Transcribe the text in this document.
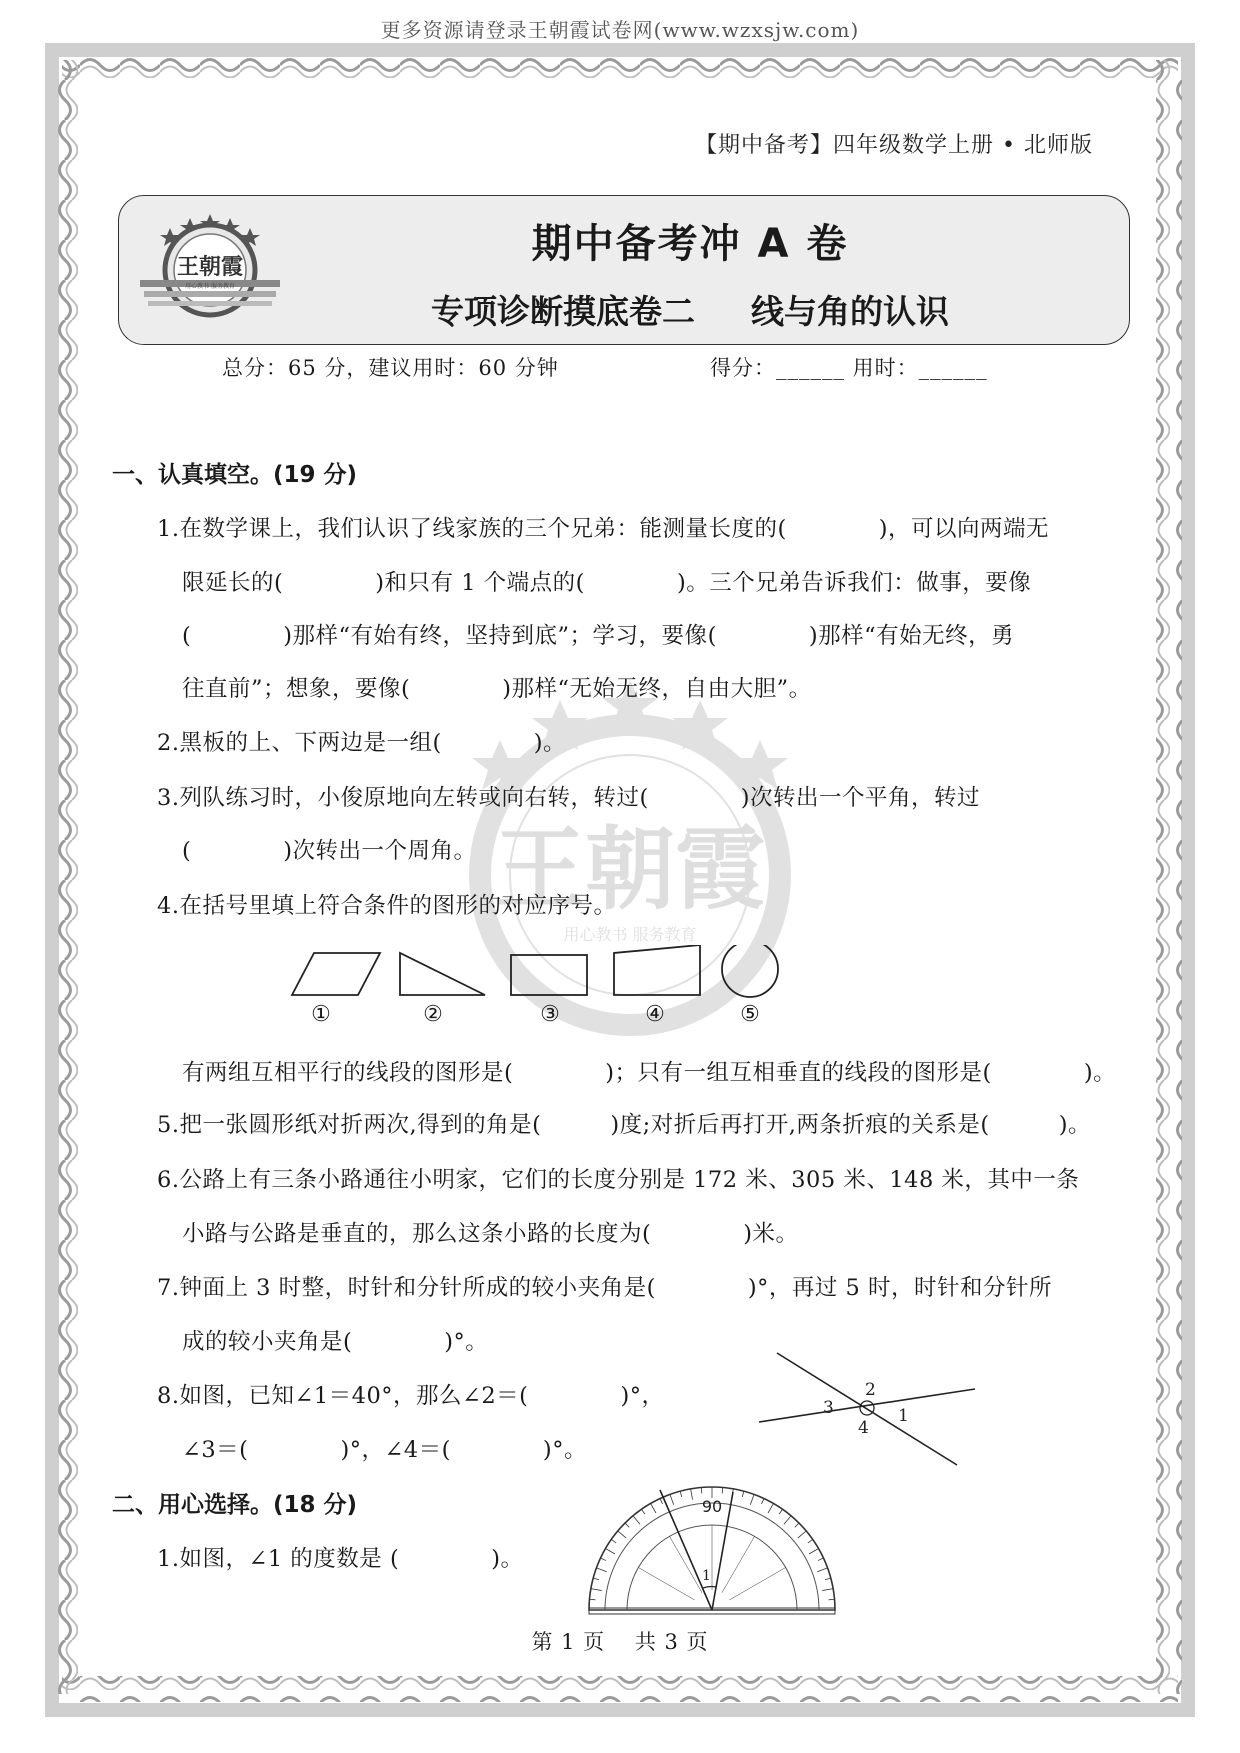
更多资源请登录王朝霞试卷网(www.wzxsjw.com)
【期中备考】四年级数学上册 • 北师版
王朝霞
用心教书 服务教育
期中备考冲 A 卷
专项诊断摸底卷二 线与角的认识
总分：65 分，建议用时：60 分钟	得分：______ 用时：______
王朝霞
用心教书 服务教育
一、认真填空。(19 分)
1.在数学课上，我们认识了线家族的三个兄弟：能测量长度的(　　　　)，可以向两端无
限延长的(　　　　)和只有 1 个端点的(　　　　)。三个兄弟告诉我们：做事，要像
(　　　　)那样“有始有终，坚持到底”；学习，要像(　　　　)那样“有始无终，勇
往直前”；想象，要像(　　　　)那样“无始无终，自由大胆”。
2.黑板的上、下两边是一组(　　　　)。
3.列队练习时，小俊原地向左转或向右转，转过(　　　　)次转出一个平角，转过
(　　　　)次转出一个周角。
4.在括号里填上符合条件的图形的对应序号。
①	②	③	④	⑤
有两组互相平行的线段的图形是(　　　　)；只有一组互相垂直的线段的图形是(　　　　)。
5.把一张圆形纸对折两次,得到的角是(　　　)度;对折后再打开,两条折痕的关系是(　　　)。
6.公路上有三条小路通往小明家，它们的长度分别是 172 米、305 米、148 米，其中一条
小路与公路是垂直的，那么这条小路的长度为(　　　　)米。
7.钟面上 3 时整，时针和分针所成的较小夹角是(　　　　)°，再过 5 时，时针和分针所
成的较小夹角是(　　　　)°。
8.如图，已知∠1＝40°，那么∠2＝(　　　　)°，
∠3＝(　　　　)°，∠4＝(　　　　)°。
1
2
3
4
二、用心选择。(18 分)
1.如图，∠1 的度数是 (　　　　)。
1
90
第 1 页　 共 3 页
